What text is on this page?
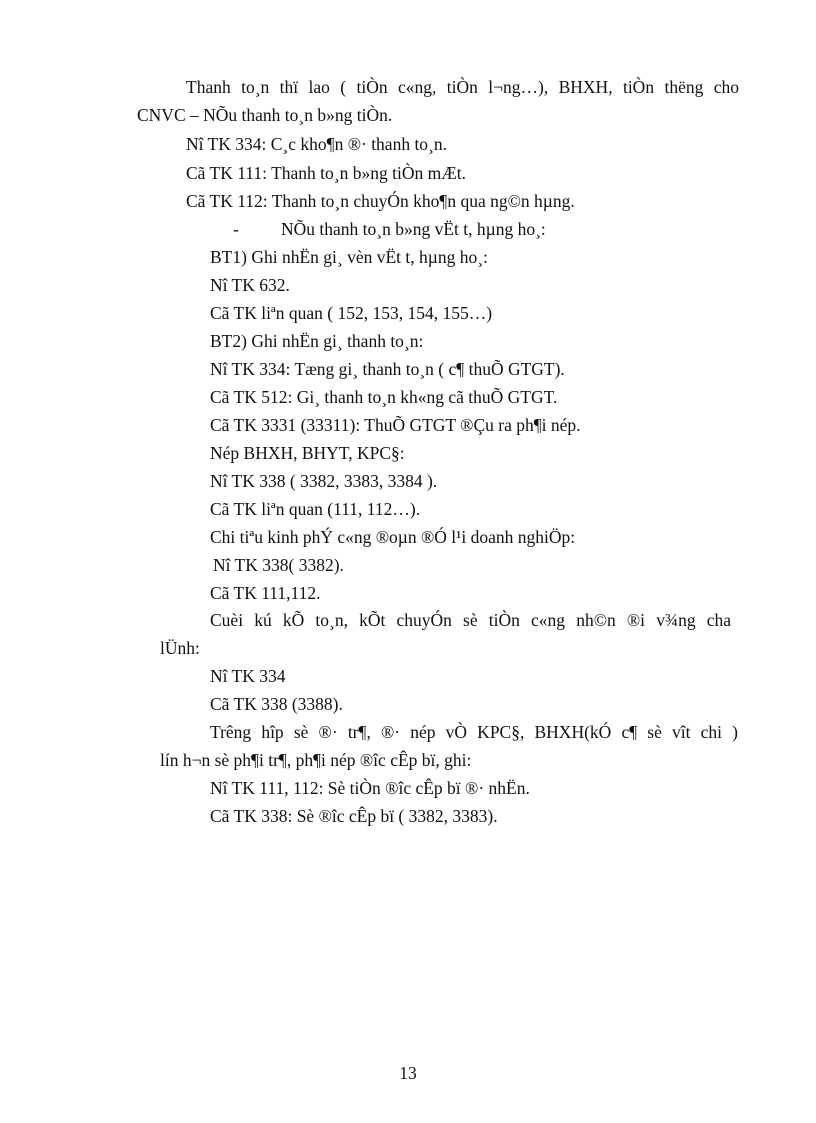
Thanh to¸n thï lao ( tiÒn c«ng, tiÒn l¬ng…), BHXH, tiÒn thëng cho
CNVC – NÕu thanh to¸n b»ng tiÒn.
Nî TK 334: C¸c kho¶n ®· thanh to¸n.
Cã TK 111: Thanh to¸n b»ng tiÒn mÆt.
Cã TK 112: Thanh to¸n chuyÓn kho¶n qua ng©n hµng.
- NÕu thanh to¸n b»ng vËt t, hµng ho¸:
BT1) Ghi nhËn gi¸ vèn vËt t, hµng ho¸:
Nî TK 632.
Cã TK liªn quan ( 152, 153, 154, 155…)
BT2) Ghi nhËn gi¸ thanh to¸n:
Nî TK 334: Tæng gi¸ thanh to¸n ( c¶ thuÕ GTGT).
Cã TK 512: Gi¸ thanh to¸n kh«ng cã thuÕ GTGT.
Cã TK 3331 (33311): ThuÕ GTGT ®Çu ra ph¶i nép.
Nép BHXH, BHYT, KPC§:
Nî TK 338 ( 3382, 3383, 3384 ).
Cã TK liªn quan (111, 112…).
Chi tiªu kinh phÝ c«ng ®oµn ®Ó l¹i doanh nghiÖp:
Nî TK 338( 3382).
Cã TK 111,112.
Cuèi kú kÕ to¸n, kÕt chuyÓn sè tiÒn c«ng nh©n ®i v¾ng cha
lÜnh:
Nî TK 334
Cã TK 338 (3388).
Trêng hîp sè ®· tr¶, ®· nép vÒ KPC§, BHXH(kÓ c¶ sè vît chi )
lín h¬n sè ph¶i tr¶, ph¶i nép ®îc cÊp bï, ghi:
Nî TK 111, 112: Sè tiÒn ®îc cÊp bï ®· nhËn.
Cã TK 338: Sè ®îc cÊp bï ( 3382, 3383).
13
